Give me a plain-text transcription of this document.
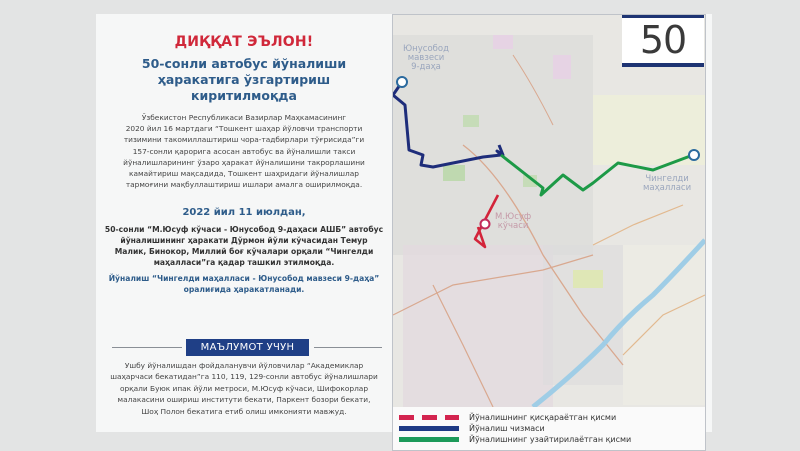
ДИҚҚАТ ЭЪЛОН!
50-сонли автобус йўналиши
ҳаракатига ўзгартириш
киритилмоқда
Ўзбекистон Республикаси Вазирлар Маҳкамасининг
2020 йил 16 мартдаги “Тошкент шаҳар йўловчи транспорти
тизимини такомиллаштириш чора-тадбирлари тўғрисида”ги
157-сонли қарорига асосан автобус ва йўналишли такси
йўналишларининг ўзаро ҳаракат йўналишини такрорлашини
камайтириш мақсадида, Тошкент шаҳридаги йўналишлар
тармоғини мақбуллаштириш ишлари амалга оширилмоқда.
2022 йил 11 июлдан,
50-сонли “М.Юсуф кўчаси - Юнусобод 9-даҳаси АШБ” автобус
йўналишининг ҳаракати Дўрмон йўли кўчасидан Темур
Малик, Бинокор, Миллий боғ кўчалари орқали “Чингелди
маҳалласи”га қадар ташкил этилмоқда.
Йўналиш “Чингелди маҳалласи - Юнусобод мавзеси 9-даҳа”
оралиғида ҳаракатланади.
МАЪЛУМОТ УЧУН
Ушбу йўналишдан фойдаланувчи йўловчилар “Академиклар
шаҳарчаси бекатидан”га 110, 119, 129-сонли автобус йўналишлари
орқали Буюк ипак йўли метроси, М.Юсуф кўчаси, Шифокорлар
малакасини ошириш институти бекати, Паркент бозори бекати,
Шоҳ Полон бекатига етиб олиш имконияти мавжуд.
Юнусобод
мавзеси
9-даҳа
М.Юсуф
кўчаси
Чингелди
маҳалласи
50
Йўналишнинг қисқараётган қисми
Йўналиш чизмаси
Йўналишнинг узайтирилаётган қисми
